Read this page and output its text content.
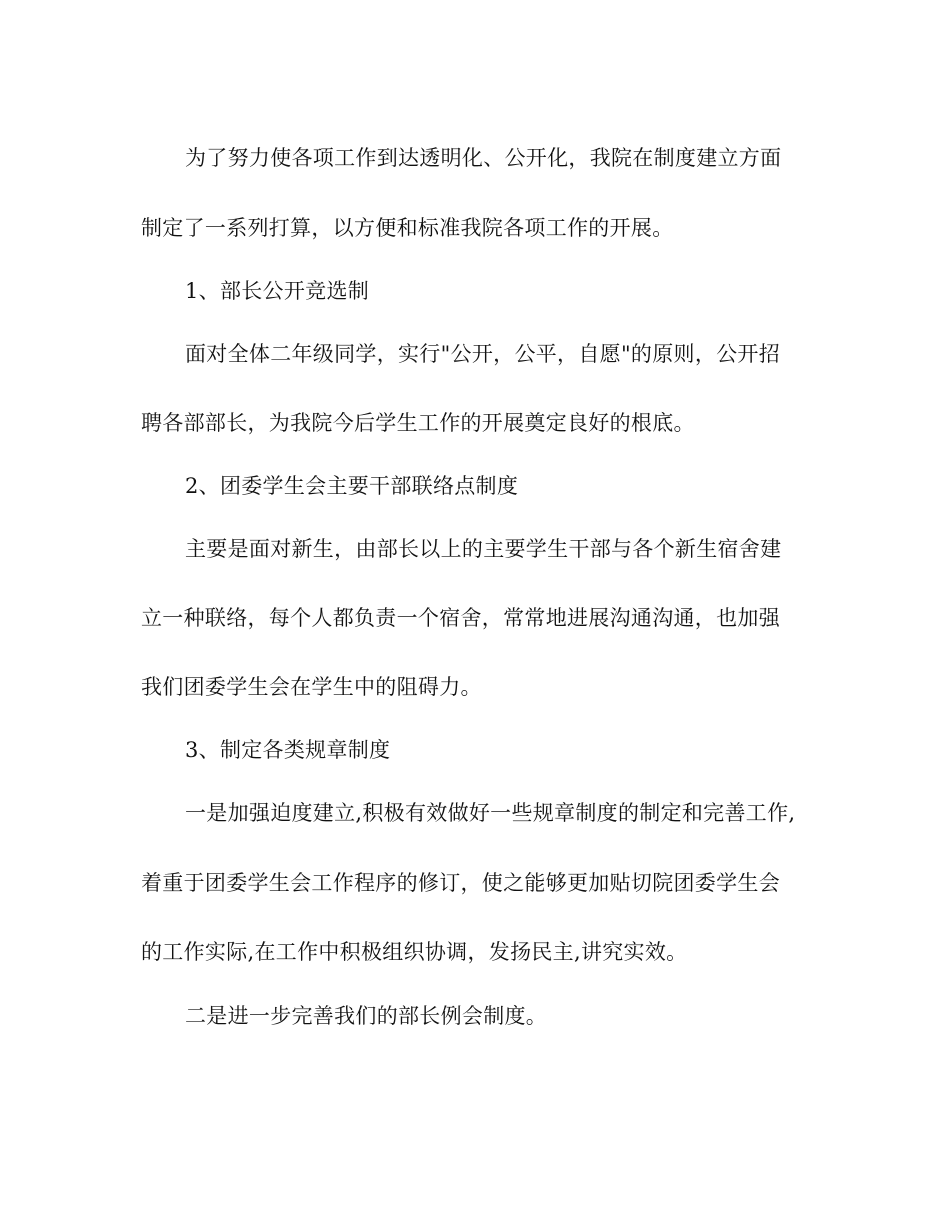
为了努力使各项工作到达透明化、公开化，我院在制度建立方面
制定了一系列打算，以方便和标准我院各项工作的开展。
1、部长公开竞选制
面对全体二年级同学，实行"公开，公平，自愿"的原则，公开招
聘各部部长，为我院今后学生工作的开展奠定良好的根底。
2、团委学生会主要干部联络点制度
主要是面对新生，由部长以上的主要学生干部与各个新生宿舍建
立一种联络，每个人都负责一个宿舍，常常地进展沟通沟通，也加强
我们团委学生会在学生中的阻碍力。
3、制定各类规章制度
一是加强迫度建立,积极有效做好一些规章制度的制定和完善工作,
着重于团委学生会工作程序的修订，使之能够更加贴切院团委学生会
的工作实际,在工作中积极组织协调，发扬民主,讲究实效。
二是进一步完善我们的部长例会制度。
